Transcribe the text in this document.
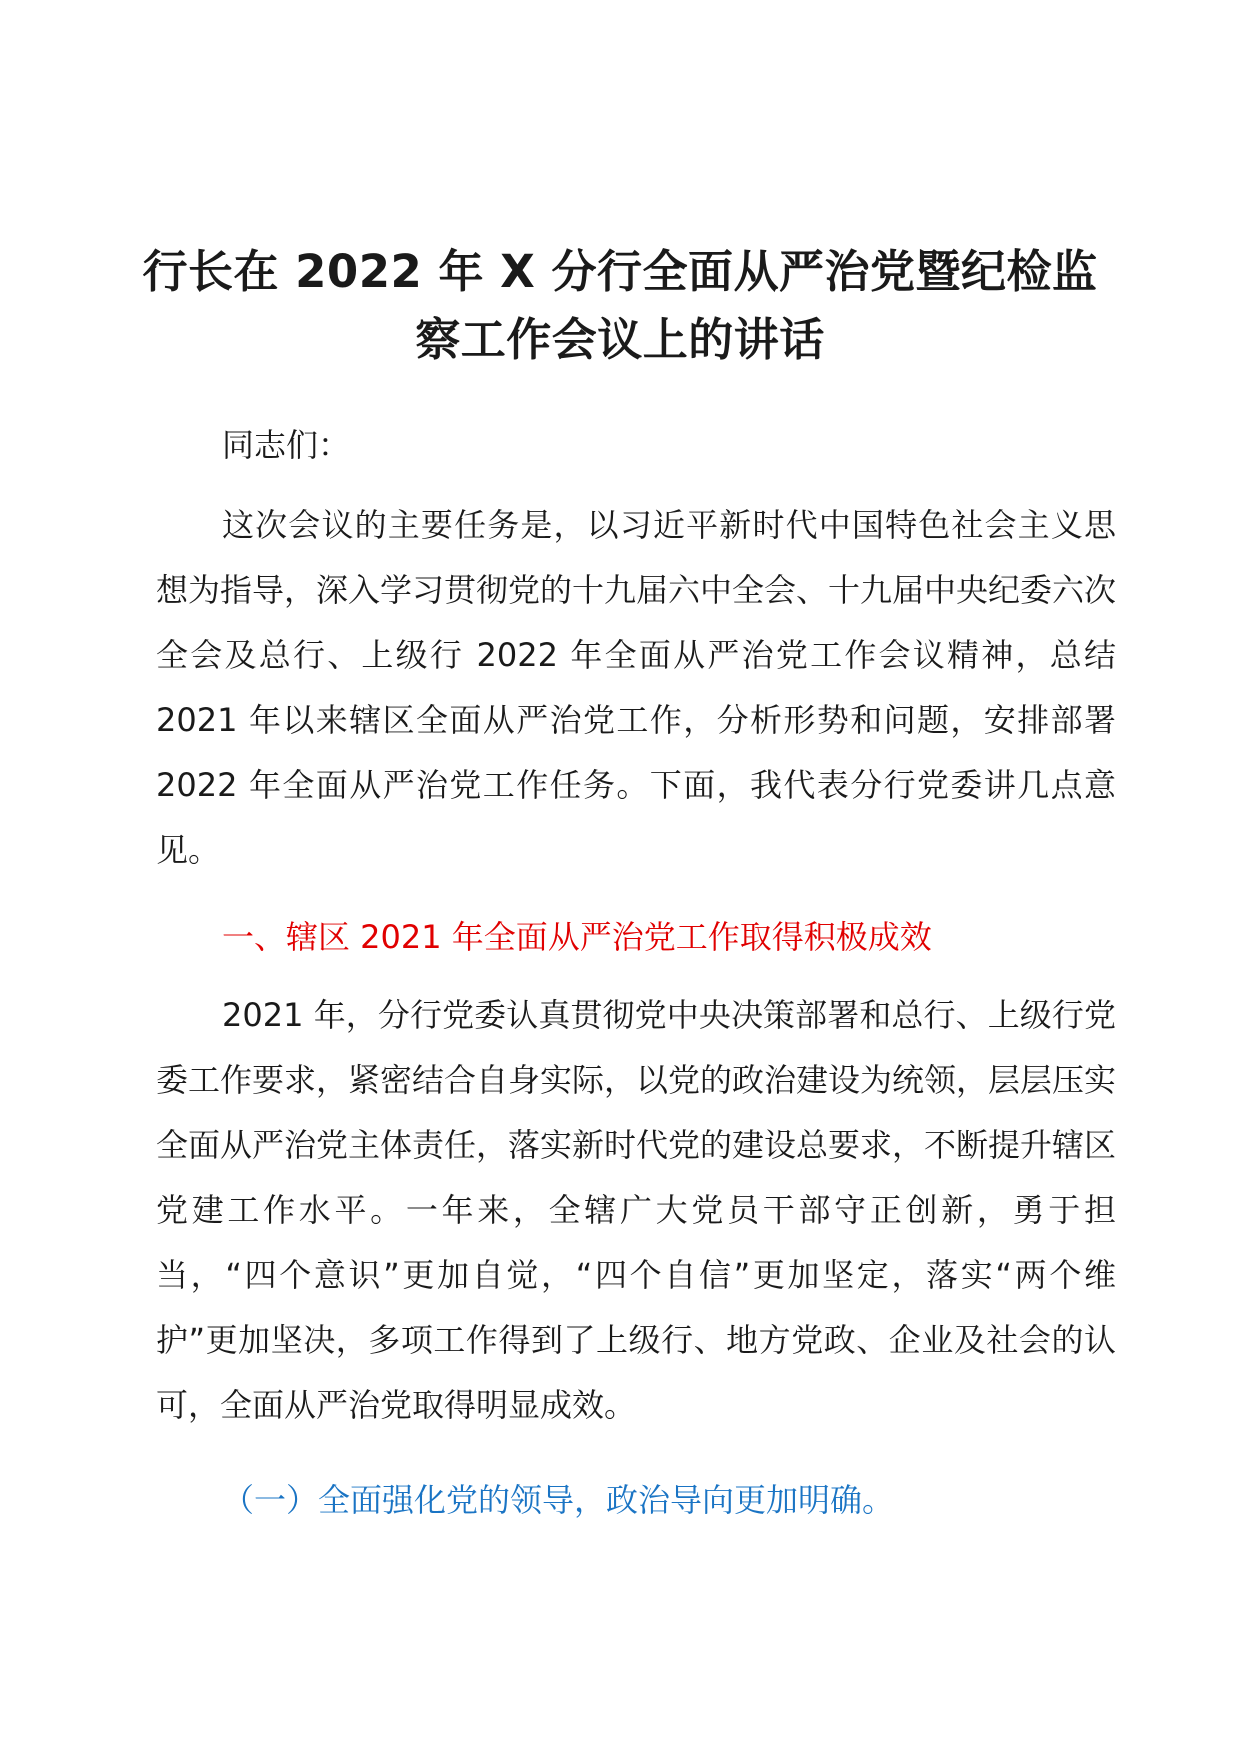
行长在 2022 年 X 分行全面从严治党暨纪检监察工作会议上的讲话
同志们：
这次会议的主要任务是，以习近平新时代中国特色社会主义思想为指导，深入学习贯彻党的十九届六中全会、十九届中央纪委六次全会及总行、上级行 2022 年全面从严治党工作会议精神，总结 2021 年以来辖区全面从严治党工作，分析形势和问题，安排部署 2022 年全面从严治党工作任务。下面，我代表分行党委讲几点意见。
一、辖区 2021 年全面从严治党工作取得积极成效
2021 年，分行党委认真贯彻党中央决策部署和总行、上级行党委工作要求，紧密结合自身实际，以党的政治建设为统领，层层压实全面从严治党主体责任，落实新时代党的建设总要求，不断提升辖区党建工作水平。一年来，全辖广大党员干部守正创新，勇于担当，“四个意识”更加自觉，“四个自信”更加坚定，落实“两个维护”更加坚决，多项工作得到了上级行、地方党政、企业及社会的认可，全面从严治党取得明显成效。
（一）全面强化党的领导，政治导向更加明确。
